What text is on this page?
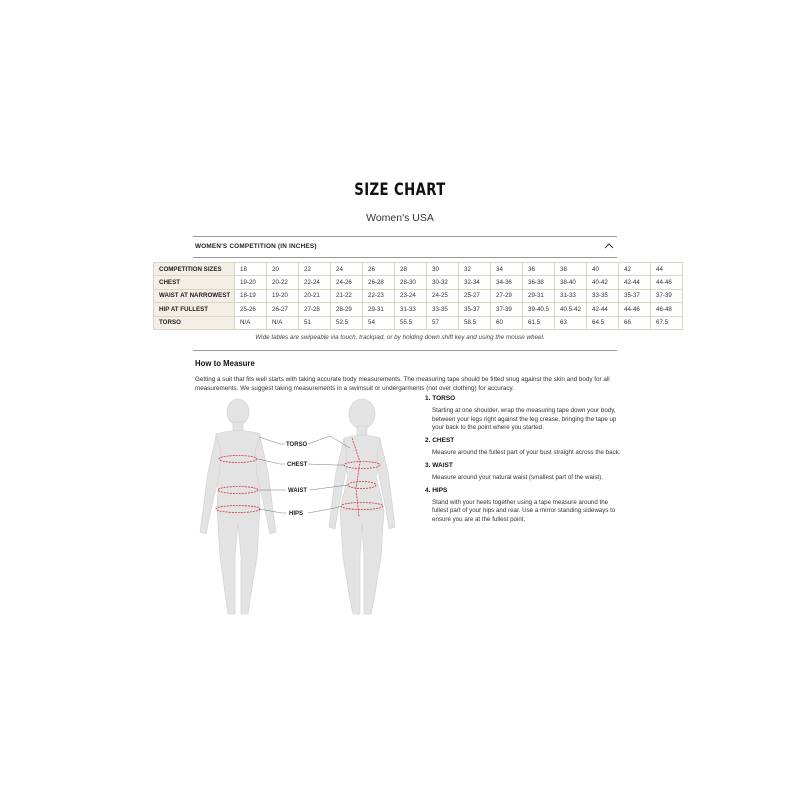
SIZE CHART
Women's USA
WOMEN'S COMPETITION (IN INCHES)
COMPETITION SIZES	18	20	22	24	26	28	30	32	34	36	38	40	42	44
CHEST	19-20	20-22	22-24	24-26	26-28	28-30	30-32	32-34	34-36	36-38	38-40	40-42	42-44	44-46
WAIST AT NARROWEST	18-19	19-20	20-21	21-22	22-23	23-24	24-25	25-27	27-29	29-31	31-33	33-35	35-37	37-39
HIP AT FULLEST	25-26	26-27	27-28	28-29	29-31	31-33	33-35	35-37	37-39	39-40.5	40.5-42	42-44	44-46	46-48
TORSO	N/A	N/A	51	52.5	54	55.5	57	58.5	60	61.5	63	64.5	66	67.5
Wide tables are swipeable via touch, trackpad, or by holding down shift key and using the mouse wheel.
How to Measure
Getting a suit that fits well starts with taking accurate body measurements. The measuring tape should be fitted snug against the skin and body for all measurements. We suggest taking measurements in a swimsuit or undergarments (not over clothing) for accuracy.
TORSO
CHEST
WAIST
HIPS
1. TORSO
Starting at one shoulder, wrap the measuring tape down your body, between your legs right against the leg crease, bringing the tape up your back to the point where you started.
2. CHEST
Measure around the fullest part of your bust straight across the back.
3. WAIST
Measure around your natural waist (smallest part of the waist).
4. HIPS
Stand with your heels together using a tape measure around the fullest part of your hips and rear. Use a mirror standing sideways to ensure you are at the fullest point.
